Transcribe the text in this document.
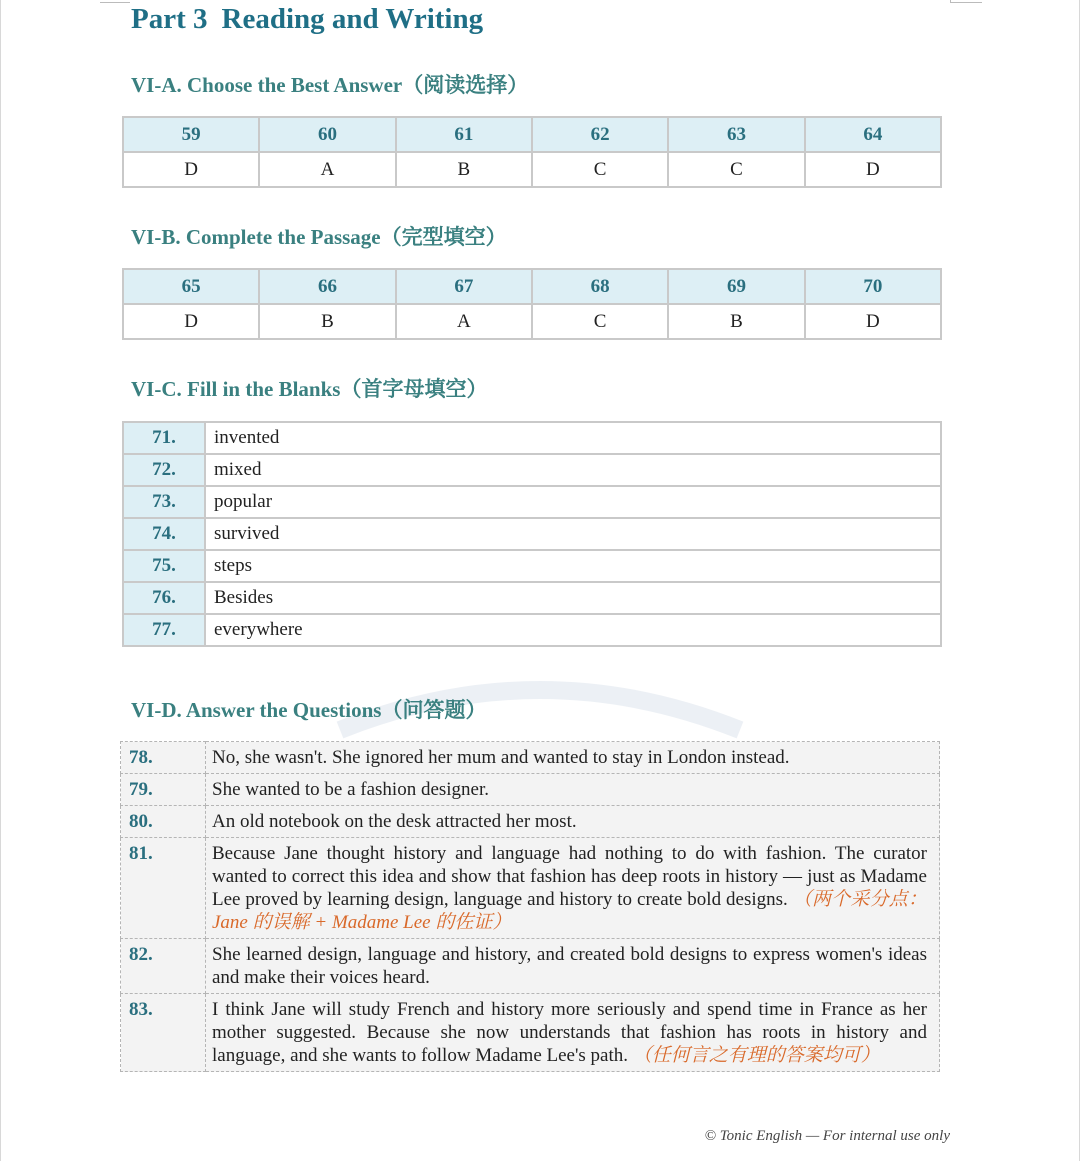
Part 3 Reading and Writing
VI-A. Choose the Best Answer（阅读选择）
59	60	61	62	63	64
D	A	B	C	C	D
VI-B. Complete the Passage（完型填空）
65	66	67	68	69	70
D	B	A	C	B	D
VI-C. Fill in the Blanks（首字母填空）
71.	invented
72.	mixed
73.	popular
74.	survived
75.	steps
76.	Besides
77.	everywhere
VI-D. Answer the Questions（问答题）
78.	No, she wasn't. She ignored her mum and wanted to stay in London instead.
79.	She wanted to be a fashion designer.
80.	An old notebook on the desk attracted her most.
81.	Because Jane thought history and language had nothing to do with fashion. The curator wanted to correct this idea and show that fashion has deep roots in history — just as Madame Lee proved by learning design, language and history to create bold designs. （两个采分点：Jane 的误解 + Madame Lee 的佐证）
82.	She learned design, language and history, and created bold designs to express women's ideas and make their voices heard.
83.	I think Jane will study French and history more seriously and spend time in France as her mother suggested. Because she now understands that fashion has roots in history and language, and she wants to follow Madame Lee's path. （任何言之有理的答案均可）
© Tonic English — For internal use only
